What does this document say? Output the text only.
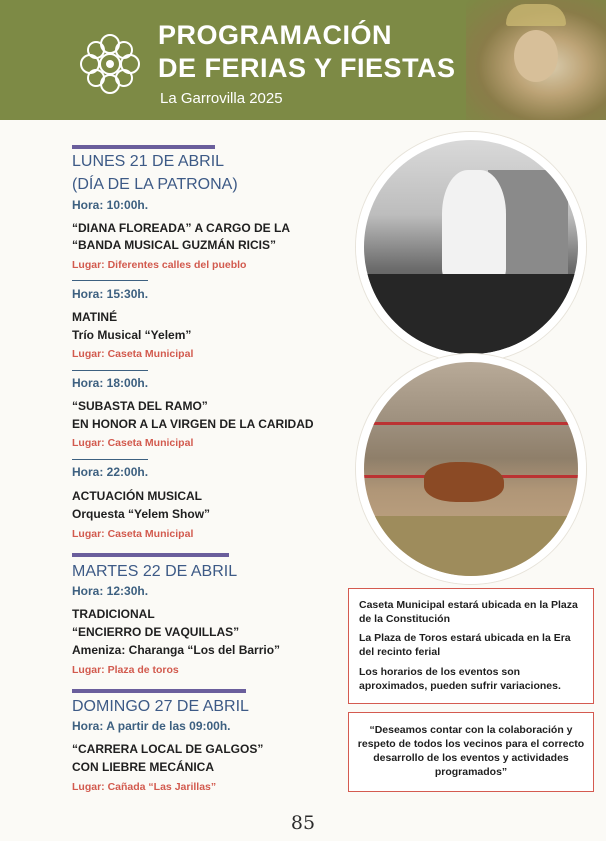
PROGRAMACIÓN
DE FERIAS Y FIESTAS
La Garrovilla 2025
LUNES 21 DE ABRIL
(DÍA DE LA PATRONA)
Hora: 10:00h.
“DIANA FLOREADA” A CARGO DE LA
“BANDA MUSICAL GUZMÁN RICIS”
Lugar: Diferentes calles del pueblo
Hora: 15:30h.
MATINÉ
Trío Musical “Yelem”
Lugar: Caseta Municipal
Hora: 18:00h.
“SUBASTA DEL RAMO”
EN HONOR A LA VIRGEN DE LA CARIDAD
Lugar: Caseta Municipal
Hora: 22:00h.
ACTUACIÓN MUSICAL
Orquesta “Yelem Show”
Lugar: Caseta Municipal
MARTES 22 DE ABRIL
Hora: 12:30h.
TRADICIONAL
“ENCIERRO DE VAQUILLAS”
Ameniza: Charanga “Los del Barrio”
Lugar: Plaza de toros
DOMINGO 27 DE ABRIL
Hora: A partir de las 09:00h.
“CARRERA LOCAL DE GALGOS”
CON LIEBRE MECÁNICA
Lugar: Cañada “Las Jarillas”
Caseta Municipal estará ubicada en la Plaza de la Constitución
La Plaza de Toros estará ubicada en la Era del recinto ferial
Los horarios de los eventos son aproximados, pueden sufrir variaciones.
“Deseamos contar con la colaboración y respeto de todos los vecinos para el correcto desarrollo de los eventos y actividades programados”
85
